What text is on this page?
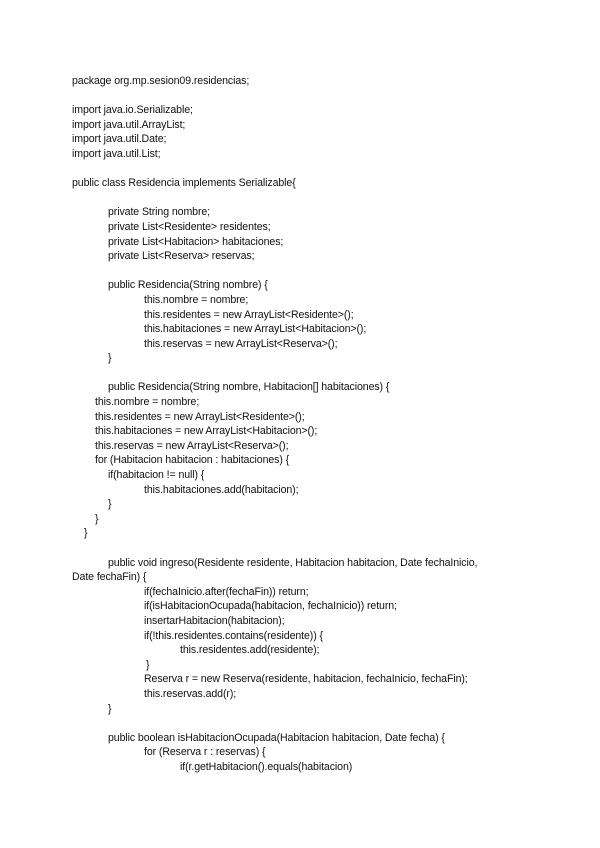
package org.mp.sesion09.residencias;
import java.io.Serializable;
import java.util.ArrayList;
import java.util.Date;
import java.util.List;
public class Residencia implements Serializable{
private String nombre;
private List<Residente> residentes;
private List<Habitacion> habitaciones;
private List<Reserva> reservas;
public Residencia(String nombre) {
this.nombre = nombre;
this.residentes = new ArrayList<Residente>();
this.habitaciones = new ArrayList<Habitacion>();
this.reservas = new ArrayList<Reserva>();
}
public Residencia(String nombre, Habitacion[] habitaciones) {
this.nombre = nombre;
this.residentes = new ArrayList<Residente>();
this.habitaciones = new ArrayList<Habitacion>();
this.reservas = new ArrayList<Reserva>();
for (Habitacion habitacion : habitaciones) {
if(habitacion != null) {
this.habitaciones.add(habitacion);
}
}
}
public void ingreso(Residente residente, Habitacion habitacion, Date fechaInicio,
Date fechaFin) {
if(fechaInicio.after(fechaFin)) return;
if(isHabitacionOcupada(habitacion, fechaInicio)) return;
insertarHabitacion(habitacion);
if(!this.residentes.contains(residente)) {
this.residentes.add(residente);
}
Reserva r = new Reserva(residente, habitacion, fechaInicio, fechaFin);
this.reservas.add(r);
}
public boolean isHabitacionOcupada(Habitacion habitacion, Date fecha) {
for (Reserva r : reservas) {
if(r.getHabitacion().equals(habitacion)
